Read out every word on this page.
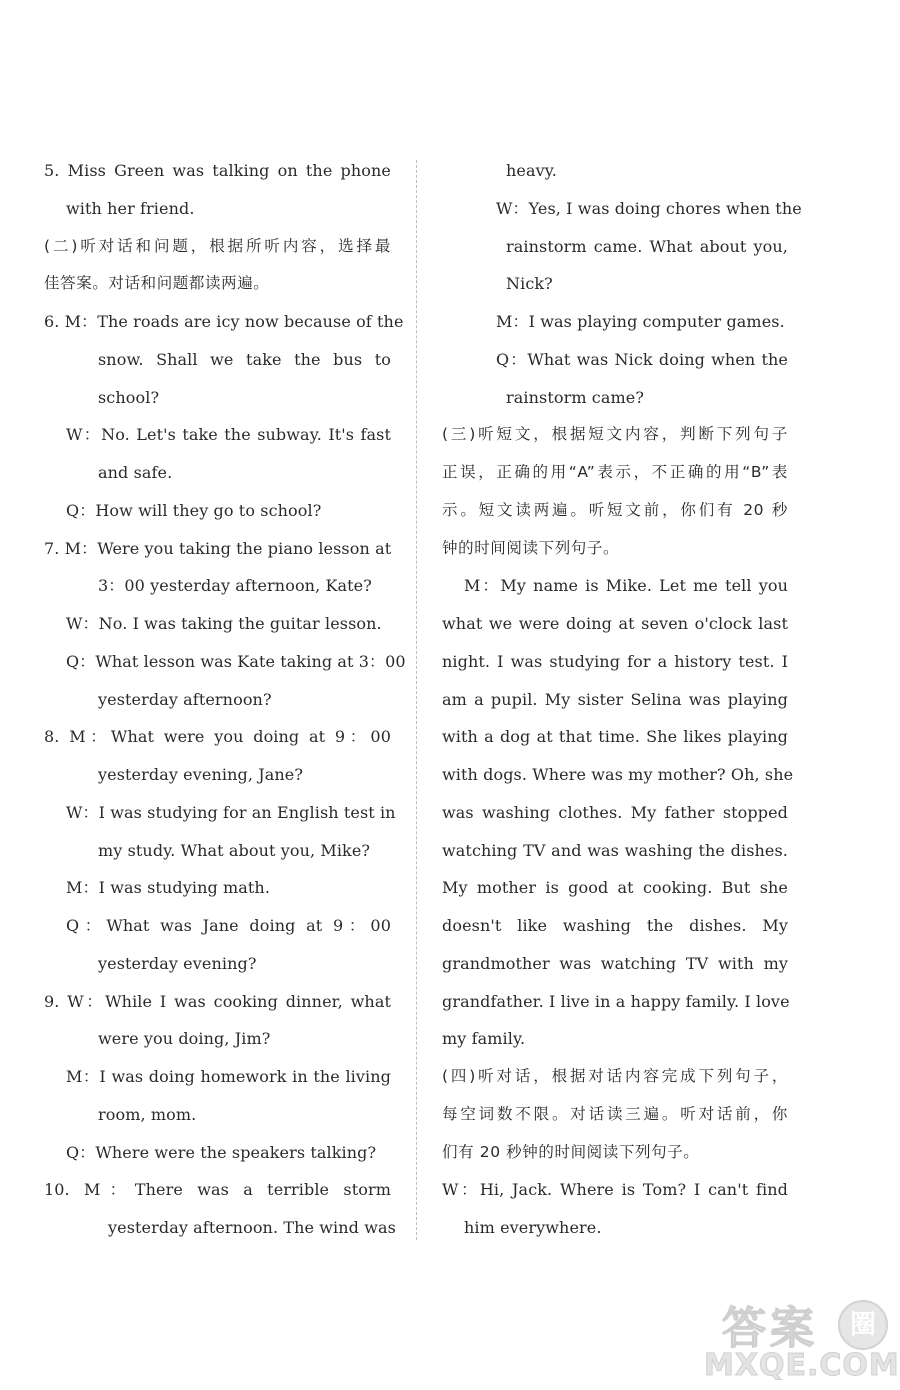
5. Miss Green was talking on the phone
with her friend.
(二)听对话和问题，根据所听内容，选择最
佳答案。对话和问题都读两遍。
6. M：The roads are icy now because of the
snow. Shall we take the bus to
school?
W：No. Let's take the subway. It's fast
and safe.
Q：How will they go to school?
7. M：Were you taking the piano lesson at
3：00 yesterday afternoon, Kate?
W：No. I was taking the guitar lesson.
Q：What lesson was Kate taking at 3：00
yesterday afternoon?
8. M：What were you doing at 9：00
yesterday evening, Jane?
W：I was studying for an English test in
my study. What about you, Mike?
M：I was studying math.
Q：What was Jane doing at 9：00
yesterday evening?
9. W：While I was cooking dinner, what
were you doing, Jim?
M：I was doing homework in the living
room, mom.
Q：Where were the speakers talking?
10. M：There was a terrible storm
yesterday afternoon. The wind was
heavy.
W：Yes, I was doing chores when the
rainstorm came. What about you,
Nick?
M：I was playing computer games.
Q：What was Nick doing when the
rainstorm came?
(三)听短文，根据短文内容，判断下列句子
正误，正确的用“A”表示，不正确的用“B”表
示。短文读两遍。听短文前，你们有 20 秒
钟的时间阅读下列句子。
M：My name is Mike. Let me tell you
what we were doing at seven o'clock last
night. I was studying for a history test. I
am a pupil. My sister Selina was playing
with a dog at that time. She likes playing
with dogs. Where was my mother? Oh, she
was washing clothes. My father stopped
watching TV and was washing the dishes.
My mother is good at cooking. But she
doesn't like washing the dishes. My
grandmother was watching TV with my
grandfather. I live in a happy family. I love
my family.
(四)听对话，根据对话内容完成下列句子，
每空词数不限。对话读三遍。听对话前，你
们有 20 秒钟的时间阅读下列句子。
W：Hi, Jack. Where is Tom? I can't find
him everywhere.
答案	圈
MXQE.COM
